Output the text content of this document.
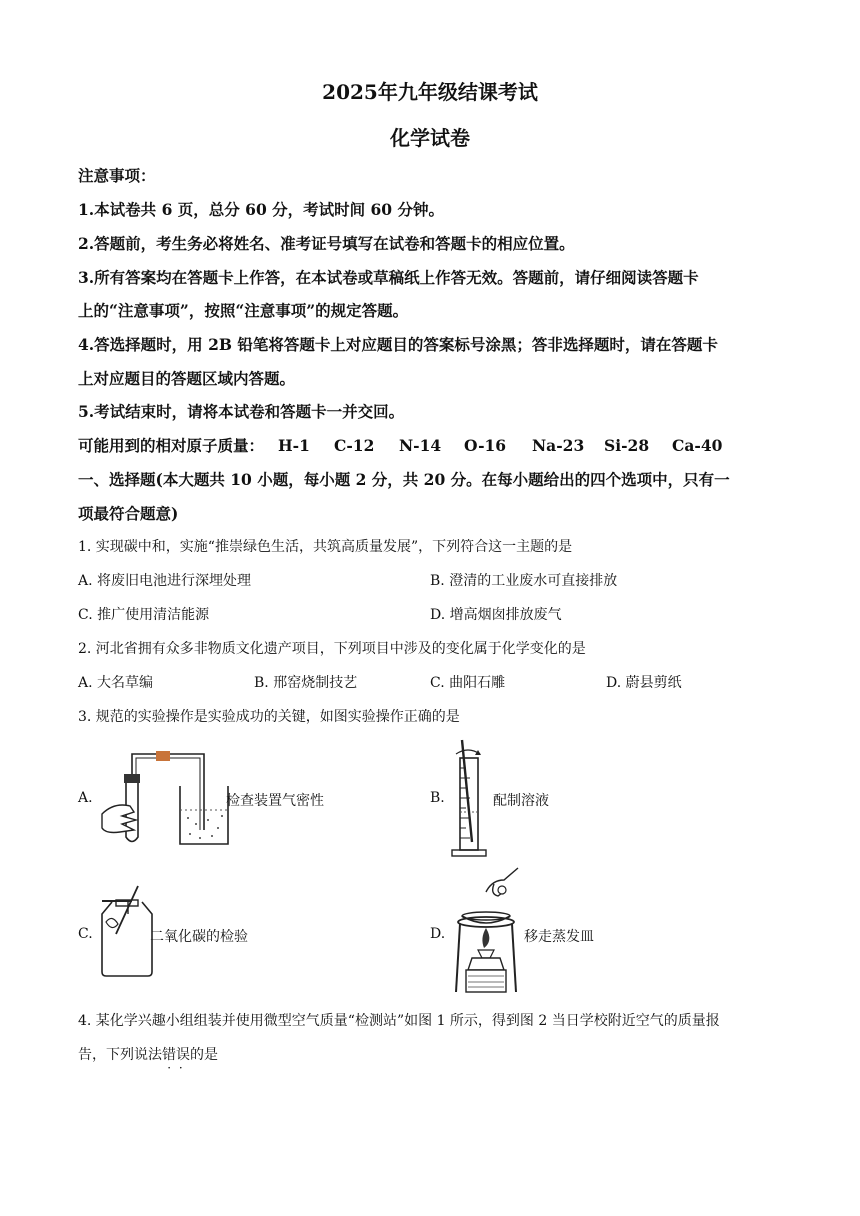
2025年九年级结课考试
化学试卷
注意事项：
1.本试卷共 6 页，总分 60 分，考试时间 60 分钟。
2.答题前，考生务必将姓名、准考证号填写在试卷和答题卡的相应位置。
3.所有答案均在答题卡上作答，在本试卷或草稿纸上作答无效。答题前，请仔细阅读答题卡
上的“注意事项”，按照“注意事项”的规定答题。
4.答选择题时，用 2B 铅笔将答题卡上对应题目的答案标号涂黑；答非选择题时，请在答题卡
上对应题目的答题区域内答题。
5.考试结束时，请将本试卷和答题卡一并交回。
可能用到的相对原子质量： H-1 C-12 N-14 O-16 Na-23 Si-28 Ca-40
一、选择题(本大题共 10 小题，每小题 2 分，共 20 分。在每小题给出的四个选项中，只有一
项最符合题意)
1. 实现碳中和，实施“推崇绿色生活，共筑高质量发展”，下列符合这一主题的是
A. 将废旧电池进行深埋处理	B. 澄清的工业废水可直接排放
C. 推广使用清洁能源	D. 增高烟囱排放废气
2. 河北省拥有众多非物质文化遗产项目，下列项目中涉及的变化属于化学变化的是
A. 大名草编	B. 邢窑烧制技艺	C. 曲阳石雕	D. 蔚县剪纸
3. 规范的实验操作是实验成功的关键，如图实验操作正确的是
A.	检查装置气密性	B.	配制溶液
C.	二氧化碳的检验	D.	移走蒸发皿
4. 某化学兴趣小组组装并使用微型空气质量“检测站”如图 1 所示，得到图 2 当日学校附近空气的质量报
告，下列说法错误 · ·的是
